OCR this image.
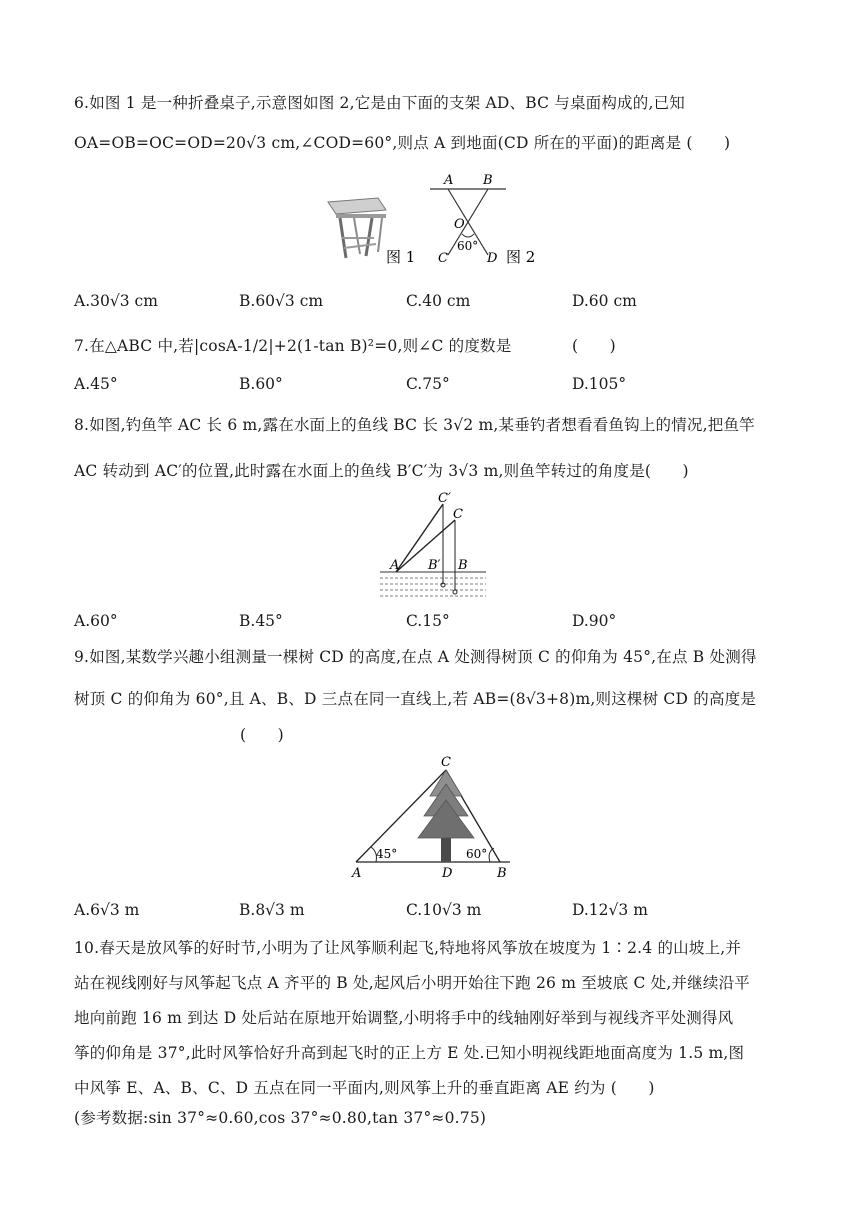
6.如图 1 是一种折叠桌子,示意图如图 2,它是由下面的支架 AD、BC 与桌面构成的,已知
OA=OB=OC=OD=20√3 cm,∠COD=60°,则点 A 到地面(CD 所在的平面)的距离是 (　　)
图 1
A B
O
60°
C	D 图 2
A.30√3 cm	B.60√3 cm	C.40 cm	D.60 cm
7.在△ABC 中,若|cosA-1/2|+2(1-tan B)²=0,则∠C 的度数是	(　　)
A.45°	B.60°	C.75°	D.105°
8.如图,钓鱼竿 AC 长 6 m,露在水面上的鱼线 BC 长 3√2 m,某垂钓者想看看鱼钩上的情况,把鱼竿
AC 转动到 AC′的位置,此时露在水面上的鱼线 B′C′为 3√3 m,则鱼竿转过的角度是(　　)
C′
C
A B′ B
A.60°	B.45°	C.15°	D.90°
9.如图,某数学兴趣小组测量一棵树 CD 的高度,在点 A 处测得树顶 C 的仰角为 45°,在点 B 处测得
树顶 C 的仰角为 60°,且 A、B、D 三点在同一直线上,若 AB=(8√3+8)m,则这棵树 CD 的高度是
(　　)
C
45°	60°
A	D	B
A.6√3 m	B.8√3 m	C.10√3 m	D.12√3 m
10.春天是放风筝的好时节,小明为了让风筝顺利起飞,特地将风筝放在坡度为 1∶2.4 的山坡上,并
站在视线刚好与风筝起飞点 A 齐平的 B 处,起风后小明开始往下跑 26 m 至坡底 C 处,并继续沿平
地向前跑 16 m 到达 D 处后站在原地开始调整,小明将手中的线轴刚好举到与视线齐平处测得风
筝的仰角是 37°,此时风筝恰好升高到起飞时的正上方 E 处.已知小明视线距地面高度为 1.5 m,图
中风筝 E、A、B、C、D 五点在同一平面内,则风筝上升的垂直距离 AE 约为 (　　)
(参考数据:sin 37°≈0.60,cos 37°≈0.80,tan 37°≈0.75)
